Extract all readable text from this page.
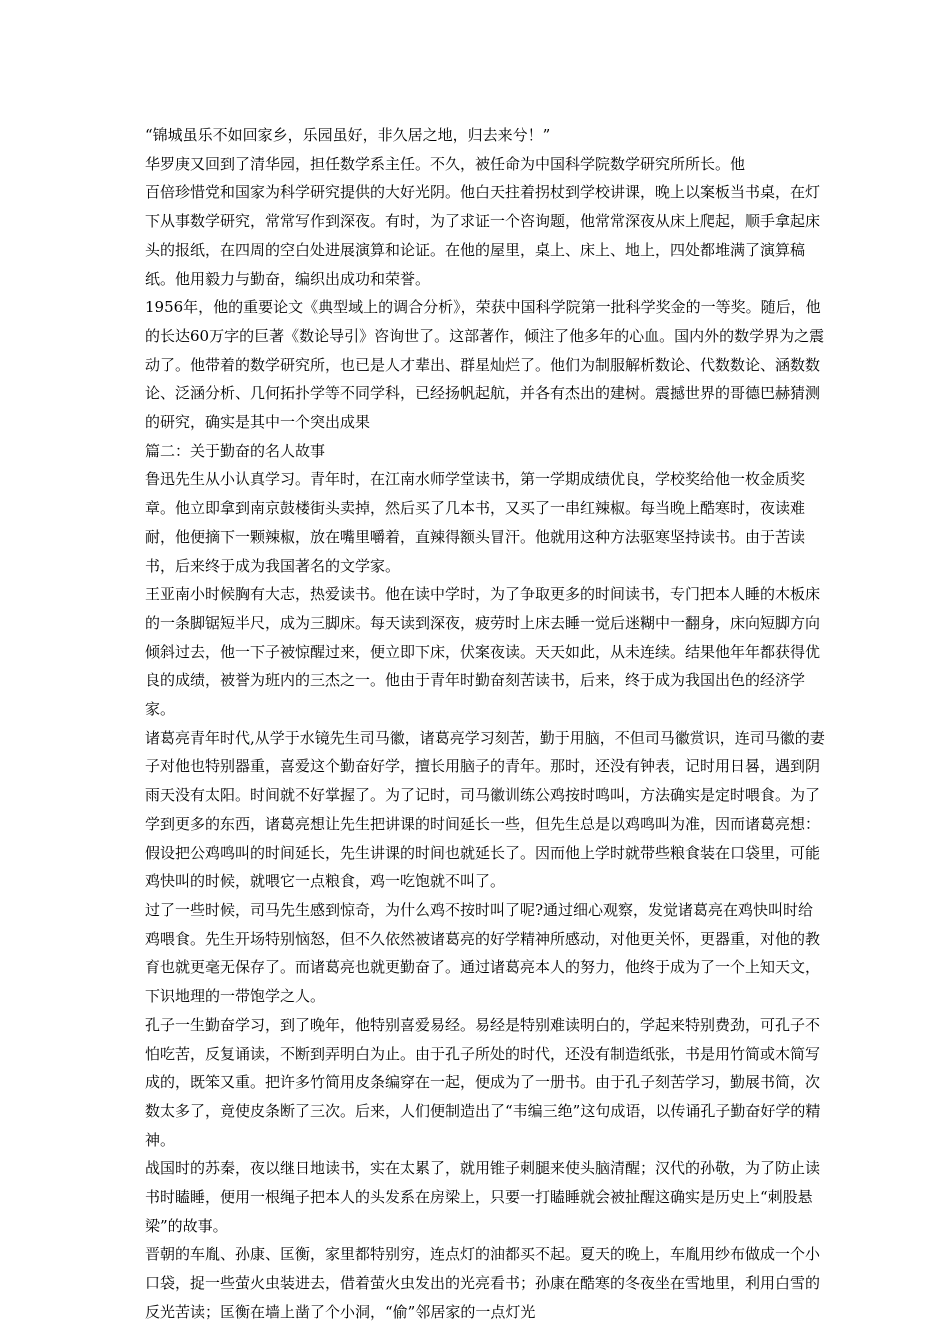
“锦城虽乐不如回家乡，乐园虽好，非久居之地，归去来兮！”

华罗庚又回到了清华园，担任数学系主任。不久，被任命为中国科学院数学研究所所长。他

百倍珍惜党和国家为科学研究提供的大好光阴。他白天拄着拐杖到学校讲课，晚上以案板当书桌，在灯下从事数学研究，常常写作到深夜。有时，为了求证一个咨询题，他常常深夜从床上爬起，顺手拿起床头的报纸，在四周的空白处进展演算和论证。在他的屋里，桌上、床上、地上，四处都堆满了演算稿纸。他用毅力与勤奋，编织出成功和荣誉。

1956年，他的重要论文《典型域上的调合分析》，荣获中国科学院第一批科学奖金的一等奖。随后，他的长达60万字的巨著《数论导引》咨询世了。这部著作，倾注了他多年的心血。国内外的数学界为之震动了。他带着的数学研究所，也已是人才辈出、群星灿烂了。他们为制服解析数论、代数数论、涵数数论、泛涵分析、几何拓扑学等不同学科，已经扬帆起航，并各有杰出的建树。震撼世界的哥德巴赫猜测的研究，确实是其中一个突出成果

篇二：关于勤奋的名人故事

鲁迅先生从小认真学习。青年时，在江南水师学堂读书，第一学期成绩优良，学校奖给他一枚金质奖章。他立即拿到南京鼓楼街头卖掉，然后买了几本书，又买了一串红辣椒。每当晚上酷寒时，夜读难耐，他便摘下一颗辣椒，放在嘴里嚼着，直辣得额头冒汗。他就用这种方法驱寒坚持读书。由于苦读书，后来终于成为我国著名的文学家。

王亚南小时候胸有大志，热爱读书。他在读中学时，为了争取更多的时间读书，专门把本人睡的木板床的一条脚锯短半尺，成为三脚床。每天读到深夜，疲劳时上床去睡一觉后迷糊中一翻身，床向短脚方向倾斜过去，他一下子被惊醒过来，便立即下床，伏案夜读。天天如此，从未连续。结果他年年都获得优良的成绩，被誉为班内的三杰之一。他由于青年时勤奋刻苦读书，后来，终于成为我国出色的经济学家。

诸葛亮青年时代,从学于水镜先生司马徽，诸葛亮学习刻苦，勤于用脑，不但司马徽赏识，连司马徽的妻子对他也特别器重，喜爱这个勤奋好学，擅长用脑子的青年。那时，还没有钟表，记时用日晷，遇到阴雨天没有太阳。时间就不好掌握了。为了记时，司马徽训练公鸡按时鸣叫，方法确实是定时喂食。为了学到更多的东西，诸葛亮想让先生把讲课的时间延长一些，但先生总是以鸡鸣叫为准，因而诸葛亮想：假设把公鸡鸣叫的时间延长，先生讲课的时间也就延长了。因而他上学时就带些粮食装在口袋里，可能鸡快叫的时候，就喂它一点粮食，鸡一吃饱就不叫了。

过了一些时候，司马先生感到惊奇，为什么鸡不按时叫了呢?通过细心观察，发觉诸葛亮在鸡快叫时给鸡喂食。先生开场特别恼怒，但不久依然被诸葛亮的好学精神所感动，对他更关怀，更器重，对他的教育也就更毫无保存了。而诸葛亮也就更勤奋了。通过诸葛亮本人的努力，他终于成为了一个上知天文，下识地理的一带饱学之人。

孔子一生勤奋学习，到了晚年，他特别喜爱易经。易经是特别难读明白的，学起来特别费劲，可孔子不怕吃苦，反复诵读，不断到弄明白为止。由于孔子所处的时代，还没有制造纸张，书是用竹简或木简写成的，既笨又重。把许多竹简用皮条编穿在一起，便成为了一册书。由于孔子刻苦学习，勤展书简，次数太多了，竟使皮条断了三次。后来，人们便制造出了“韦编三绝”这句成语，以传诵孔子勤奋好学的精神。

战国时的苏秦，夜以继日地读书，实在太累了，就用锥子刺腿来使头脑清醒；汉代的孙敬，为了防止读书时瞌睡，便用一根绳子把本人的头发系在房梁上，只要一打瞌睡就会被扯醒这确实是历史上“刺股悬梁”的故事。

晋朝的车胤、孙康、匡衡，家里都特别穷，连点灯的油都买不起。夏天的晚上，车胤用纱布做成一个小口袋，捉一些萤火虫装进去，借着萤火虫发出的光亮看书；孙康在酷寒的冬夜坐在雪地里，利用白雪的反光苦读；匡衡在墙上凿了个小洞，“偷”邻居家的一点灯光
